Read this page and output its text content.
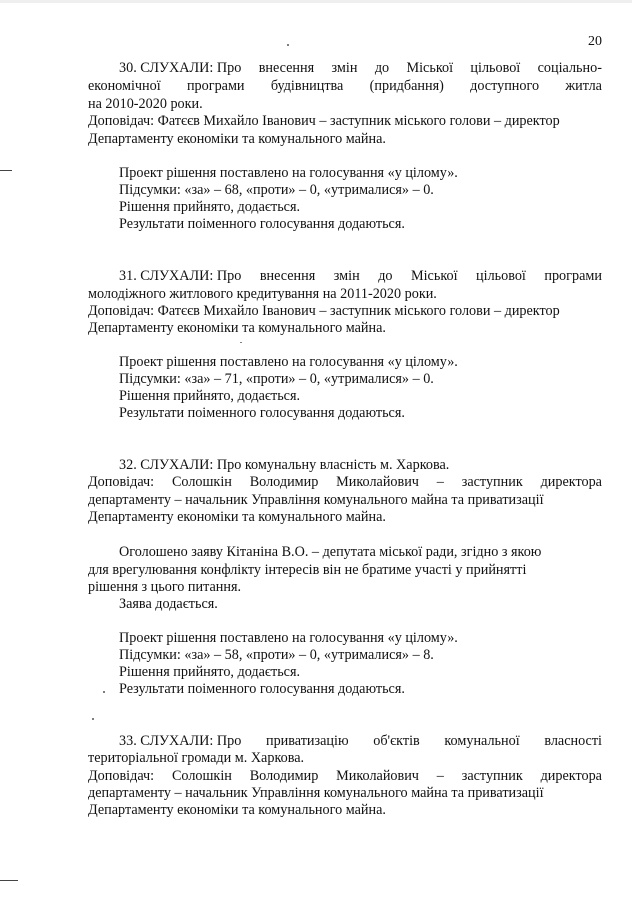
20
30. СЛУХАЛИ: Про внесення змін до Міської цільової соціально-
економічної програми будівництва (придбання) доступного житла
на 2010-2020 роки.
Доповідач: Фатєєв Михайло Іванович – заступник міського голови – директор
Департаменту економіки та комунального майна.
Проект рішення поставлено на голосування «у цілому».
Підсумки: «за» – 68, «проти» – 0, «утрималися» – 0.
Рішення прийнято, додається.
Результати поіменного голосування додаються.
31. СЛУХАЛИ: Про внесення змін до Міської цільової програми
молодіжного житлового кредитування на 2011-2020 роки.
Доповідач: Фатєєв Михайло Іванович – заступник міського голови – директор
Департаменту економіки та комунального майна.
Проект рішення поставлено на голосування «у цілому».
Підсумки: «за» – 71, «проти» – 0, «утрималися» – 0.
Рішення прийнято, додається.
Результати поіменного голосування додаються.
32. СЛУХАЛИ: Про комунальну власність м. Харкова.
Доповідач: Солошкін Володимир Миколайович – заступник директора
департаменту – начальник Управління комунального майна та приватизації
Департаменту економіки та комунального майна.
Оголошено заяву Кітаніна В.О. – депутата міської ради, згідно з якою
для врегулювання конфлікту інтересів він не братиме участі у прийнятті
рішення з цього питання.
Заява додається.
Проект рішення поставлено на голосування «у цілому».
Підсумки: «за» – 58, «проти» – 0, «утрималися» – 8.
Рішення прийнято, додається.
Результати поіменного голосування додаються.
33. СЛУХАЛИ: Про приватизацію об'єктів комунальної власності
територіальної громади м. Харкова.
Доповідач: Солошкін Володимир Миколайович – заступник директора
департаменту – начальник Управління комунального майна та приватизації
Департаменту економіки та комунального майна.
